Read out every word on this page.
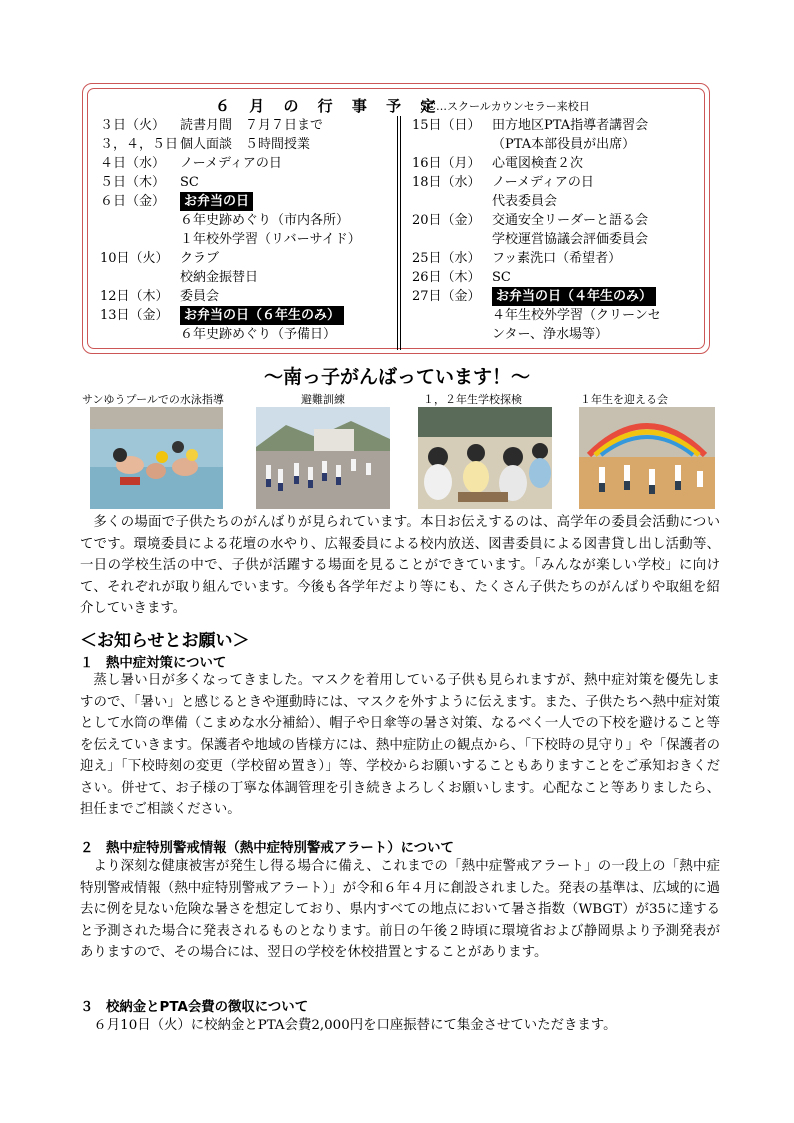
６ 月 の 行 事 予 定
SC…スクールカウンセラー来校日
３日（火）	読書月間　７月７日まで
３，４，５日 個人面談　５時間授業
４日（水）	ノーメディアの日
５日（木）	SC
６日（金）	お弁当の日
６年史跡めぐり（市内各所）
１年校外学習（リバーサイド）
10日（火） クラブ
校納金振替日
12日（木） 委員会
13日（金）	お弁当の日（６年生のみ）
６年史跡めぐり（予備日）
15日（日） 田方地区PTA指導者講習会
（PTA本部役員が出席）
16日（月） 心電図検査２次
18日（水） ノーメディアの日
代表委員会
20日（金） 交通安全リーダーと語る会
学校運営協議会評価委員会
25日（水） フッ素洗口（希望者）
26日（木） SC
27日（金）	お弁当の日（４年生のみ）
４年生校外学習（クリーンセ
ンター、浄水場等）
～南っ子がんばっています！～
サンゆうプールでの水泳指導	避難訓練	１，２年生学校探検	１年生を迎える会
多くの場面で子供たちのがんばりが見られています。本日お伝えするのは、高学年の委員会活動についてです。環境委員による花壇の水やり、広報委員による校内放送、図書委員による図書貸し出し活動等、一日の学校生活の中で、子供が活躍する場面を見ることができています。「みんなが楽しい学校」に向けて、それぞれが取り組んでいます。今後も各学年だより等にも、たくさん子供たちのがんばりや取組を紹介していきます。
＜お知らせとお願い＞
１ 熱中症対策について
蒸し暑い日が多くなってきました。マスクを着用している子供も見られますが、熱中症対策を優先しますので、「暑い」と感じるときや運動時には、マスクを外すように伝えます。また、子供たちへ熱中症対策として水筒の準備（こまめな水分補給）、帽子や日傘等の暑さ対策、なるべく一人での下校を避けること等を伝えていきます。保護者や地域の皆様方には、熱中症防止の観点から、「下校時の見守り」や「保護者の迎え」「下校時刻の変更（学校留め置き）」等、学校からお願いすることもありますことをご承知おきください。併せて、お子様の丁寧な体調管理を引き続きよろしくお願いします。心配なこと等ありましたら、担任までご相談ください。
２ 熱中症特別警戒情報（熱中症特別警戒アラート）について
より深刻な健康被害が発生し得る場合に備え、これまでの「熱中症警戒アラート」の一段上の「熱中症特別警戒情報（熱中症特別警戒アラート）」が令和６年４月に創設されました。発表の基準は、広域的に過去に例を見ない危険な暑さを想定しており、県内すべての地点において暑さ指数（WBGT）が35に達すると予測された場合に発表されるものとなります。前日の午後２時頃に環境省および静岡県より予測発表がありますので、その場合には、翌日の学校を休校措置とすることがあります。
３ 校納金とPTA会費の徴収について
６月10日（火）に校納金とPTA会費2,000円を口座振替にて集金させていただきます。
